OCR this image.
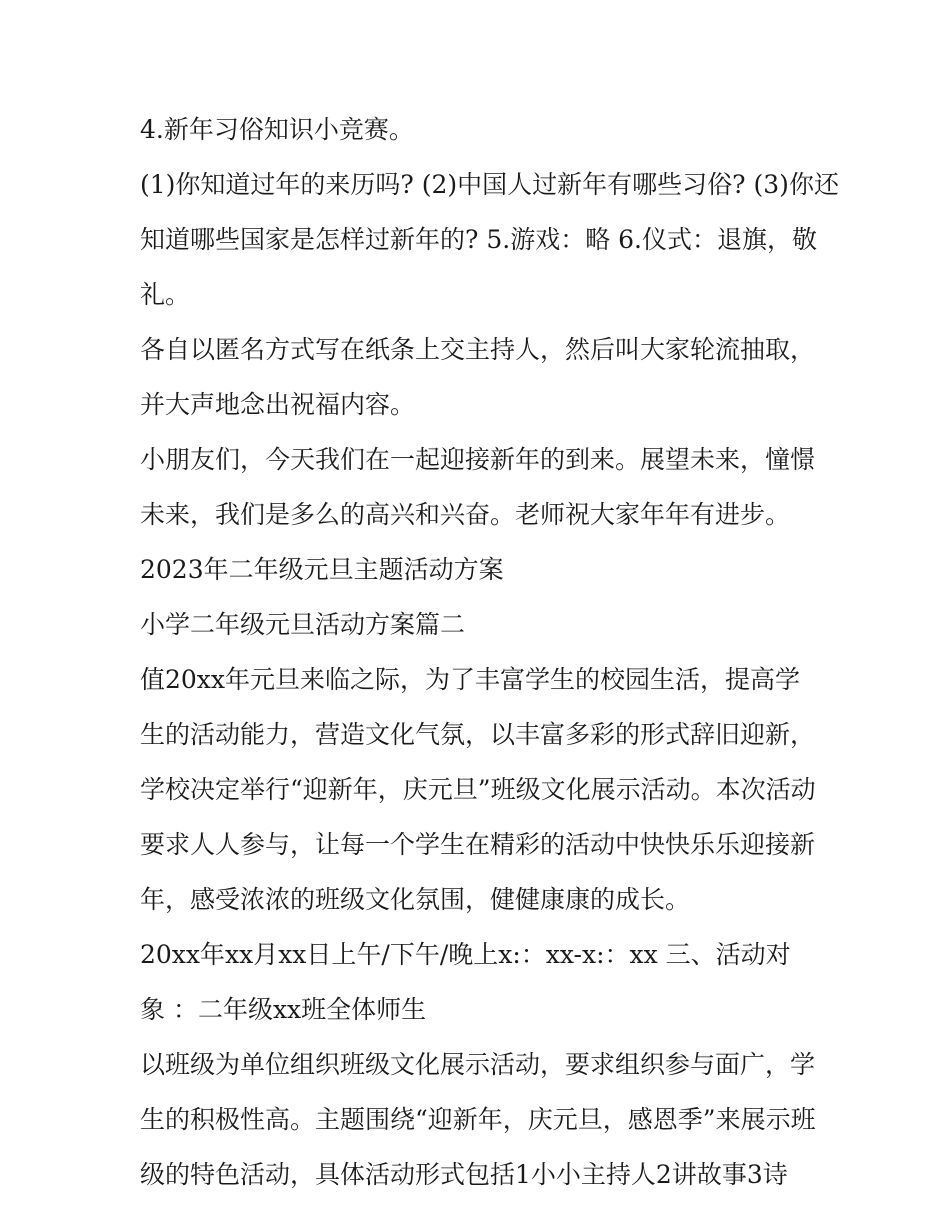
4.新年习俗知识小竞赛。
(1)你知道过年的来历吗? (2)中国人过新年有哪些习俗? (3)你还
知道哪些国家是怎样过新年的? 5.游戏：略 6.仪式：退旗，敬
礼。
各自以匿名方式写在纸条上交主持人，然后叫大家轮流抽取，
并大声地念出祝福内容。
小朋友们，今天我们在一起迎接新年的到来。展望未来，憧憬
未来，我们是多么的高兴和兴奋。老师祝大家年年有进步。
2023年二年级元旦主题活动方案
小学二年级元旦活动方案篇二
值20xx年元旦来临之际，为了丰富学生的校园生活，提高学
生的活动能力，营造文化气氛，以丰富多彩的形式辞旧迎新，
学校决定举行“迎新年，庆元旦”班级文化展示活动。本次活动
要求人人参与，让每一个学生在精彩的活动中快快乐乐迎接新
年，感受浓浓的班级文化氛围，健健康康的成长。
20xx年xx月xx日上午/下午/晚上x:：xx-x:：xx 三、活动对
象 ：二年级xx班全体师生
以班级为单位组织班级文化展示活动，要求组织参与面广，学
生的积极性高。主题围绕“迎新年，庆元旦，感恩季”来展示班
级的特色活动，具体活动形式包括1小小主持人2讲故事3诗
